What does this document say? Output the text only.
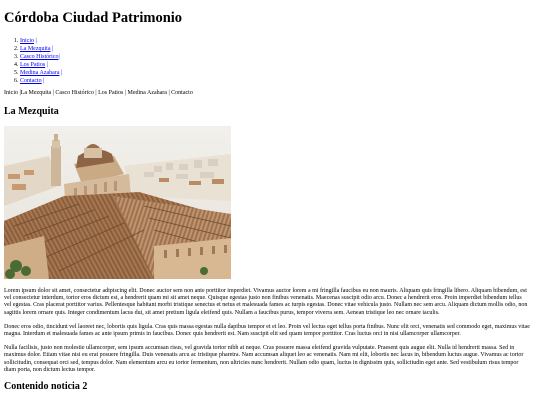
Córdoba Ciudad Patrimonio
1. Inicio |
2. La Mezquita |
3. Casco Histórico|
4. Los Patios |
5. Medina Azahara |
6. Contacto |
Inicio |La Mezquita | Casco Histórico | Los Patios | Medina Azahara | Contacto
La Mezquita

Lorem ipsum dolor sit amet, consectetur adipiscing elit. Donec auctor sem non ante porttitor imperdiet. Vivamus auctor lorem a mi fringilla faucibus eu non mauris. Aliquam quis fringilla libero. Aliquam bibendum, est vel consectetur interdum, tortor eros dictum est, a hendrerit quam mi sit amet neque. Quisque egestas justo non finibus venenatis. Maecenas suscipit odio arcu. Donec a hendrerit eros. Proin imperdiet bibendum tellus vel egestas. Cras placerat porttitor varius. Pellentesque habitant morbi tristique senectus et netus et malesuada fames ac turpis egestas. Donec vitae vehicula justo. Nullam nec sem arcu. Aliquam dictum mollis odio, non sagittis lorem ornare quis. Integer condimentum lacus dui, sit amet pretium ligula eleifend quis. Nullam a faucibus purus, tempor viverra sem. Aenean tristique leo nec ornare iaculis.

Donec eros odio, tincidunt vel laoreet nec, lobortis quis ligula. Cras quis massa egestas nulla dapibus tempor et et leo. Proin vel lectus eget tellus porta finibus. Nunc elit orci, venenatis sed commodo eget, maximus vitae magna. Interdum et malesuada fames ac ante ipsum primis in faucibus. Donec quis hendrerit est. Nam suscipit elit sed quam tempor porttitor. Cras luctus orci in nisi ullamcorper ullamcorper.

Nulla facilisis, justo non molestie ullamcorper, sem ipsum accumsan risus, vel gravida tortor nibh at neque. Cras posuere massa eleifend gravida vulputate. Praesent quis augue elit. Nulla id hendrerit massa. Sed in maximus dolor. Etiam vitae nisi eu erat posuere fringilla. Duis venenatis arcu ac tristique pharetra. Nam accumsan aliquet leo ac venenatis. Nam mi elit, lobortis nec lacus in, bibendum luctus augue. Vivamus ac tortor sollicitudin, consequat orci sed, tempus dolor. Nam elementum arcu eu tortor fermentum, non ultricies nunc hendrerit. Nullam odio quam, luctus in dignissim quis, sollicitudin eget ante. Sed vestibulum risus tempor diam porta, non dictum lectus tempor.

Contenido noticia 2
